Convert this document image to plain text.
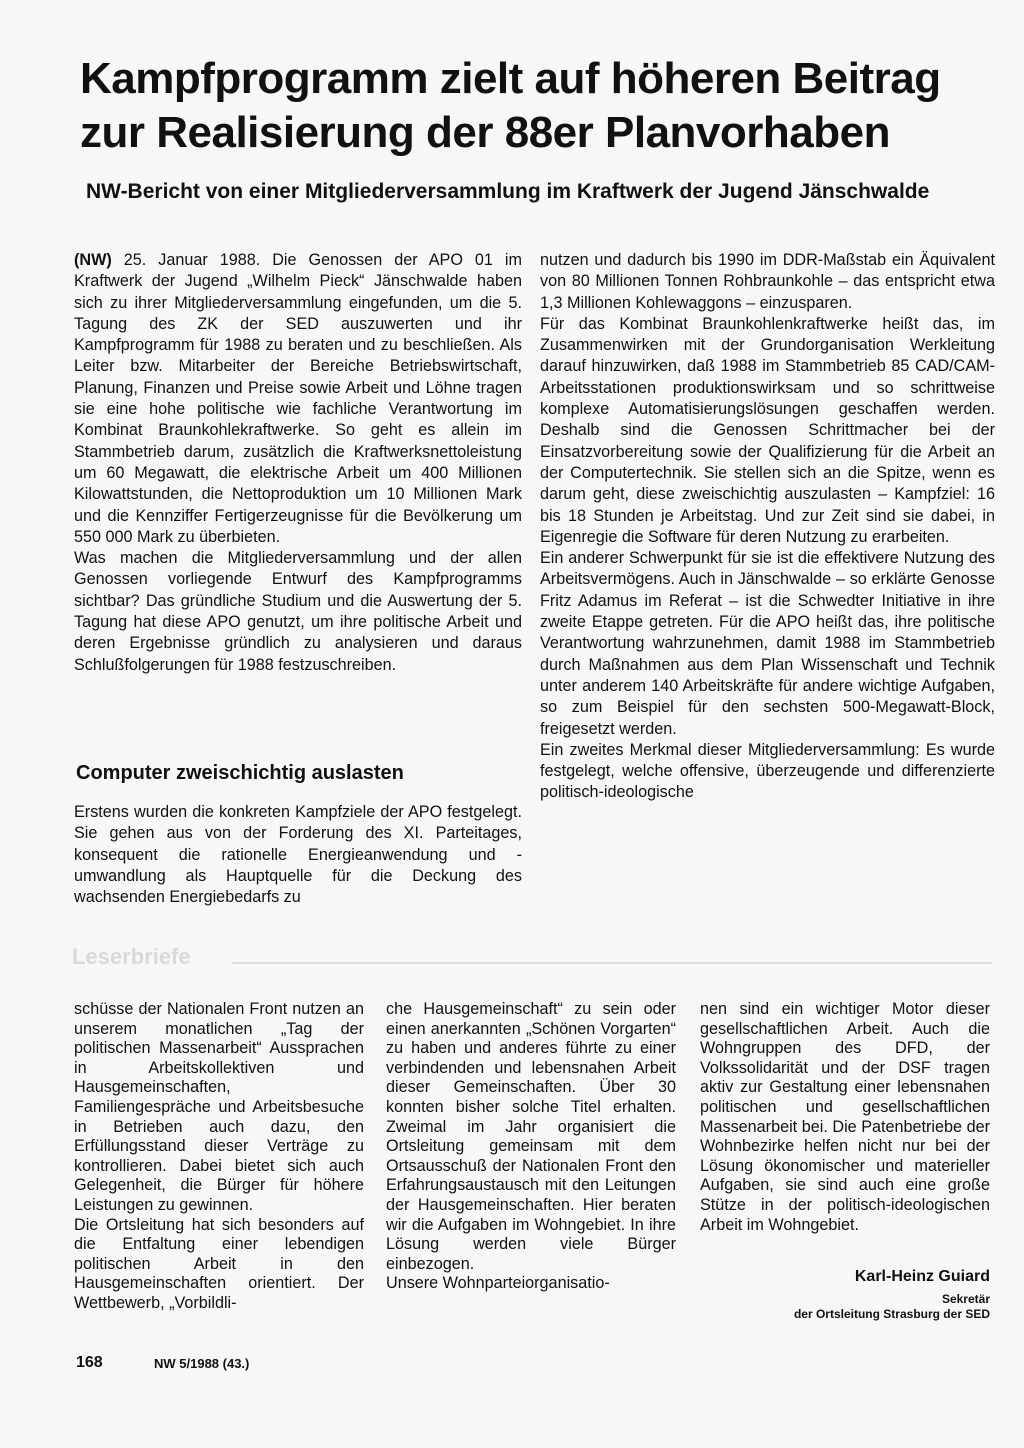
Kampfprogramm zielt auf höheren Beitrag
zur Realisierung der 88er Planvorhaben
NW-Bericht von einer Mitgliederversammlung im Kraftwerk der Jugend Jänschwalde

(NW) 25. Januar 1988. Die Genossen der APO 01 im Kraftwerk der Jugend „Wilhelm Pieck“ Jänschwalde haben sich zu ihrer Mitgliederversammlung eingefunden, um die 5. Tagung des ZK der SED auszuwerten und ihr Kampfprogramm für 1988 zu beraten und zu beschließen. Als Leiter bzw. Mitarbeiter der Bereiche Betriebswirtschaft, Planung, Finanzen und Preise sowie Arbeit und Löhne tragen sie eine hohe politische wie fachliche Verantwortung im Kombinat Braunkohlekraftwerke. So geht es allein im Stammbetrieb darum, zusätzlich die Kraftwerksnettoleistung um 60 Megawatt, die elektrische Arbeit um 400 Millionen Kilowattstunden, die Nettoproduktion um 10 Millionen Mark und die Kennziffer Fertigerzeugnisse für die Bevölkerung um 550 000 Mark zu überbieten.

Was machen die Mitgliederversammlung und der allen Genossen vorliegende Entwurf des Kampfprogramms sichtbar? Das gründliche Studium und die Auswertung der 5. Tagung hat diese APO genutzt, um ihre politische Arbeit und deren Ergebnisse gründlich zu analysieren und daraus Schlußfolgerungen für 1988 festzuschreiben.

Computer zweischichtig auslasten

Erstens wurden die konkreten Kampfziele der APO festgelegt. Sie gehen aus von der Forderung des XI. Parteitages, konsequent die rationelle Energieanwendung und -umwandlung als Hauptquelle für die Deckung des wachsenden Energiebedarfs zu

nutzen und dadurch bis 1990 im DDR-Maßstab ein Äquivalent von 80 Millionen Tonnen Rohbraunkohle – das entspricht etwa 1,3 Millionen Kohlewaggons – einzusparen.

Für das Kombinat Braunkohlenkraftwerke heißt das, im Zusammenwirken mit der Grundorganisation Werkleitung darauf hinzuwirken, daß 1988 im Stammbetrieb 85 CAD/CAM-Arbeitsstationen produktionswirksam und so schrittweise komplexe Automatisierungslösungen geschaffen werden. Deshalb sind die Genossen Schrittmacher bei der Einsatzvorbereitung sowie der Qualifizierung für die Arbeit an der Computertechnik. Sie stellen sich an die Spitze, wenn es darum geht, diese zweischichtig auszulasten – Kampfziel: 16 bis 18 Stunden je Arbeitstag. Und zur Zeit sind sie dabei, in Eigenregie die Software für deren Nutzung zu erarbeiten.

Ein anderer Schwerpunkt für sie ist die effektivere Nutzung des Arbeitsvermögens. Auch in Jänschwalde – so erklärte Genosse Fritz Adamus im Referat – ist die Schwedter Initiative in ihre zweite Etappe getreten. Für die APO heißt das, ihre politische Verantwortung wahrzunehmen, damit 1988 im Stammbetrieb durch Maßnahmen aus dem Plan Wissenschaft und Technik unter anderem 140 Arbeitskräfte für andere wichtige Aufgaben, so zum Beispiel für den sechsten 500-Megawatt-Block, freigesetzt werden.

Ein zweites Merkmal dieser Mitgliederversammlung: Es wurde festgelegt, welche offensive, überzeugende und differenzierte politisch-ideologische

Leserbriefe

schüsse der Nationalen Front nutzen an unserem monatlichen „Tag der politischen Massenarbeit“ Aussprachen in Arbeitskollektiven und Hausgemeinschaften, Familiengespräche und Arbeitsbesuche in Betrieben auch dazu, den Erfüllungsstand dieser Verträge zu kontrollieren. Dabei bietet sich auch Gelegenheit, die Bürger für höhere Leistungen zu gewinnen.

Die Ortsleitung hat sich besonders auf die Entfaltung einer lebendigen politischen Arbeit in den Hausgemeinschaften orientiert. Der Wettbewerb, „Vorbildli-

che Hausgemeinschaft“ zu sein oder einen anerkannten „Schönen Vorgarten“ zu haben und anderes führte zu einer verbindenden und lebensnahen Arbeit dieser Gemeinschaften. Über 30 konnten bisher solche Titel erhalten. Zweimal im Jahr organisiert die Ortsleitung gemeinsam mit dem Ortsausschuß der Nationalen Front den Erfahrungsaustausch mit den Leitungen der Hausgemeinschaften. Hier beraten wir die Aufgaben im Wohngebiet. In ihre Lösung werden viele Bürger einbezogen.

Unsere Wohnparteiorganisatio-

nen sind ein wichtiger Motor dieser gesellschaftlichen Arbeit. Auch die Wohngruppen des DFD, der Volkssolidarität und der DSF tragen aktiv zur Gestaltung einer lebensnahen politischen und gesellschaftlichen Massenarbeit bei. Die Patenbetriebe der Wohnbezirke helfen nicht nur bei der Lösung ökonomischer und materieller Aufgaben, sie sind auch eine große Stütze in der politisch-ideologischen Arbeit im Wohngebiet.

Karl-Heinz Guiard
Sekretär
der Ortsleitung Strasburg der SED
168	NW 5/1988 (43.)
